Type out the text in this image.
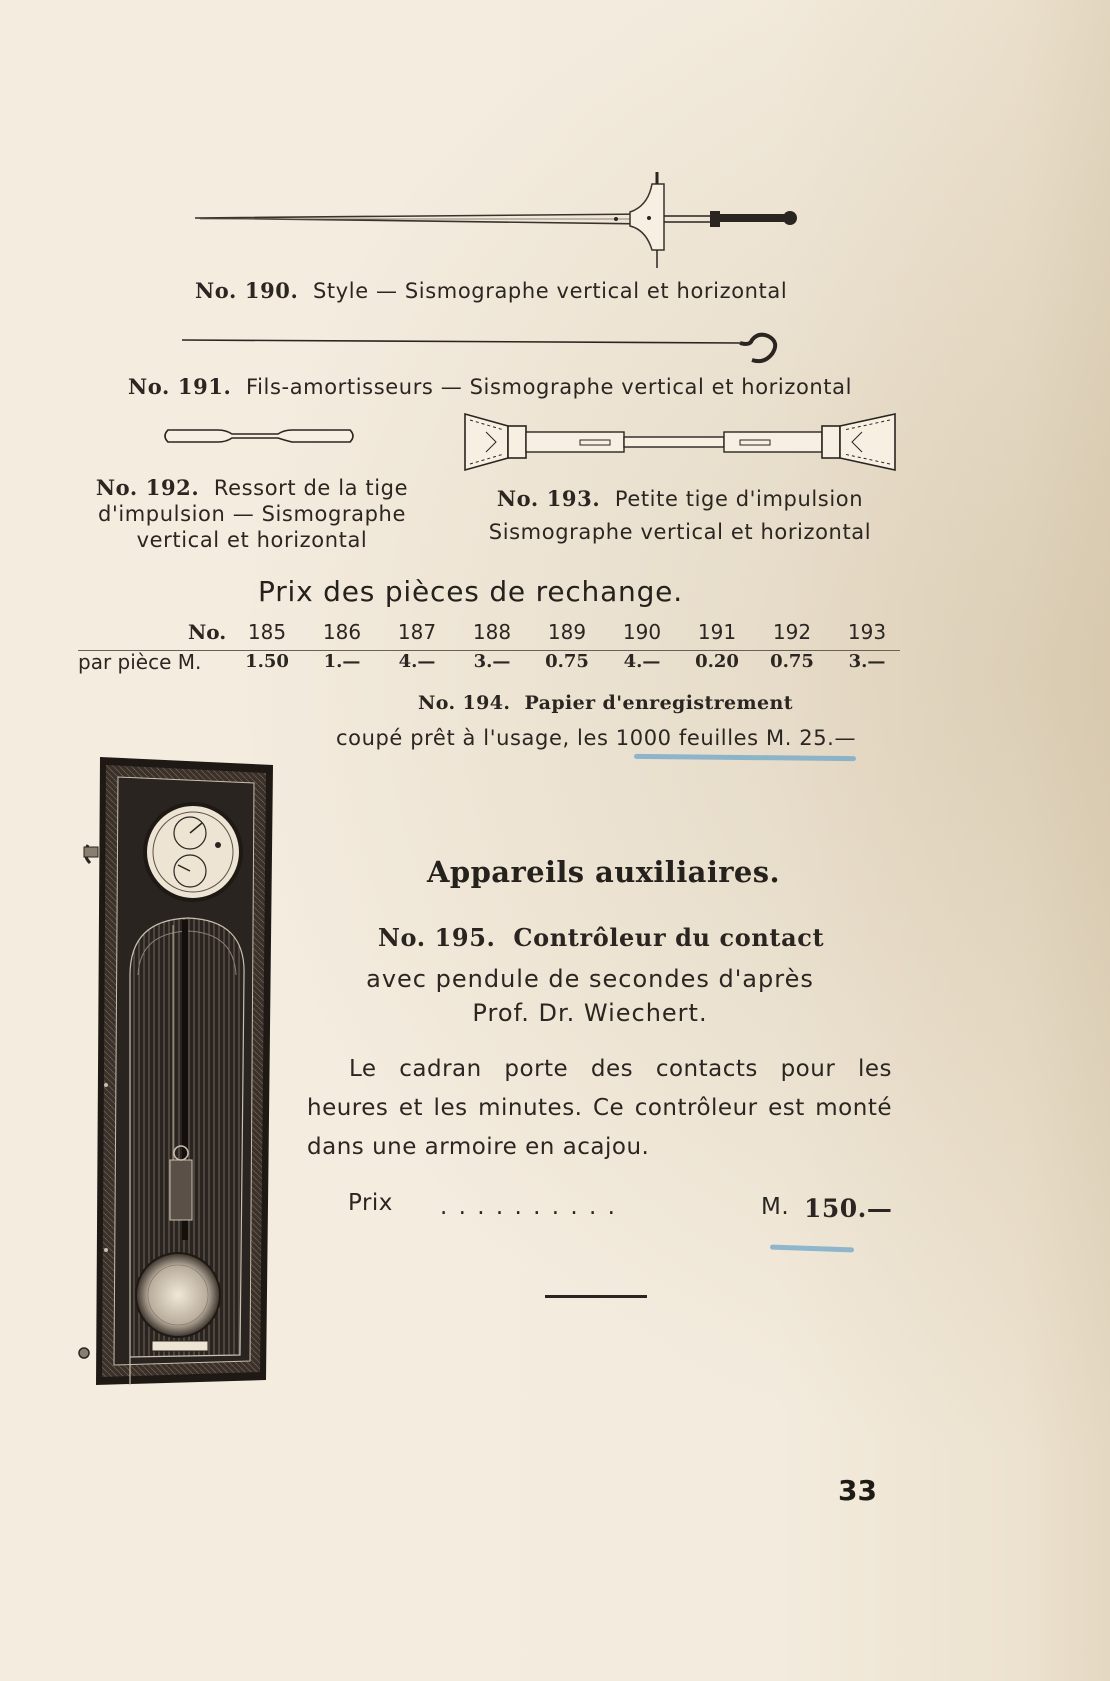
No. 190. Style — Sismographe vertical et horizontal
No. 191. Fils-amortisseurs — Sismographe vertical et horizontal
No. 192. Ressort de la tige
d'impulsion — Sismographe
vertical et horizontal
No. 193. Petite tige d'impulsion
Sismographe vertical et horizontal
Prix des pièces de rechange.
No.	185	186	187	188	189	190	191	192	193
par pièce M.	1.50	1.—	4.—	3.—	0.75	4.—	0.20	0.75	3.—
No. 194. Papier d'enregistrement
coupé prêt à l'usage, les 1000 feuilles M. 25.—
Appareils auxiliaires.
No. 195. Contrôleur du contact
avec pendule de secondes d'après
Prof. Dr. Wiechert.
Le cadran porte des contacts pour les
heures et les minutes. Ce contrôleur est monté
dans une armoire en acajou.
Prix . . . . . . . . . .	M. 150.—
33
